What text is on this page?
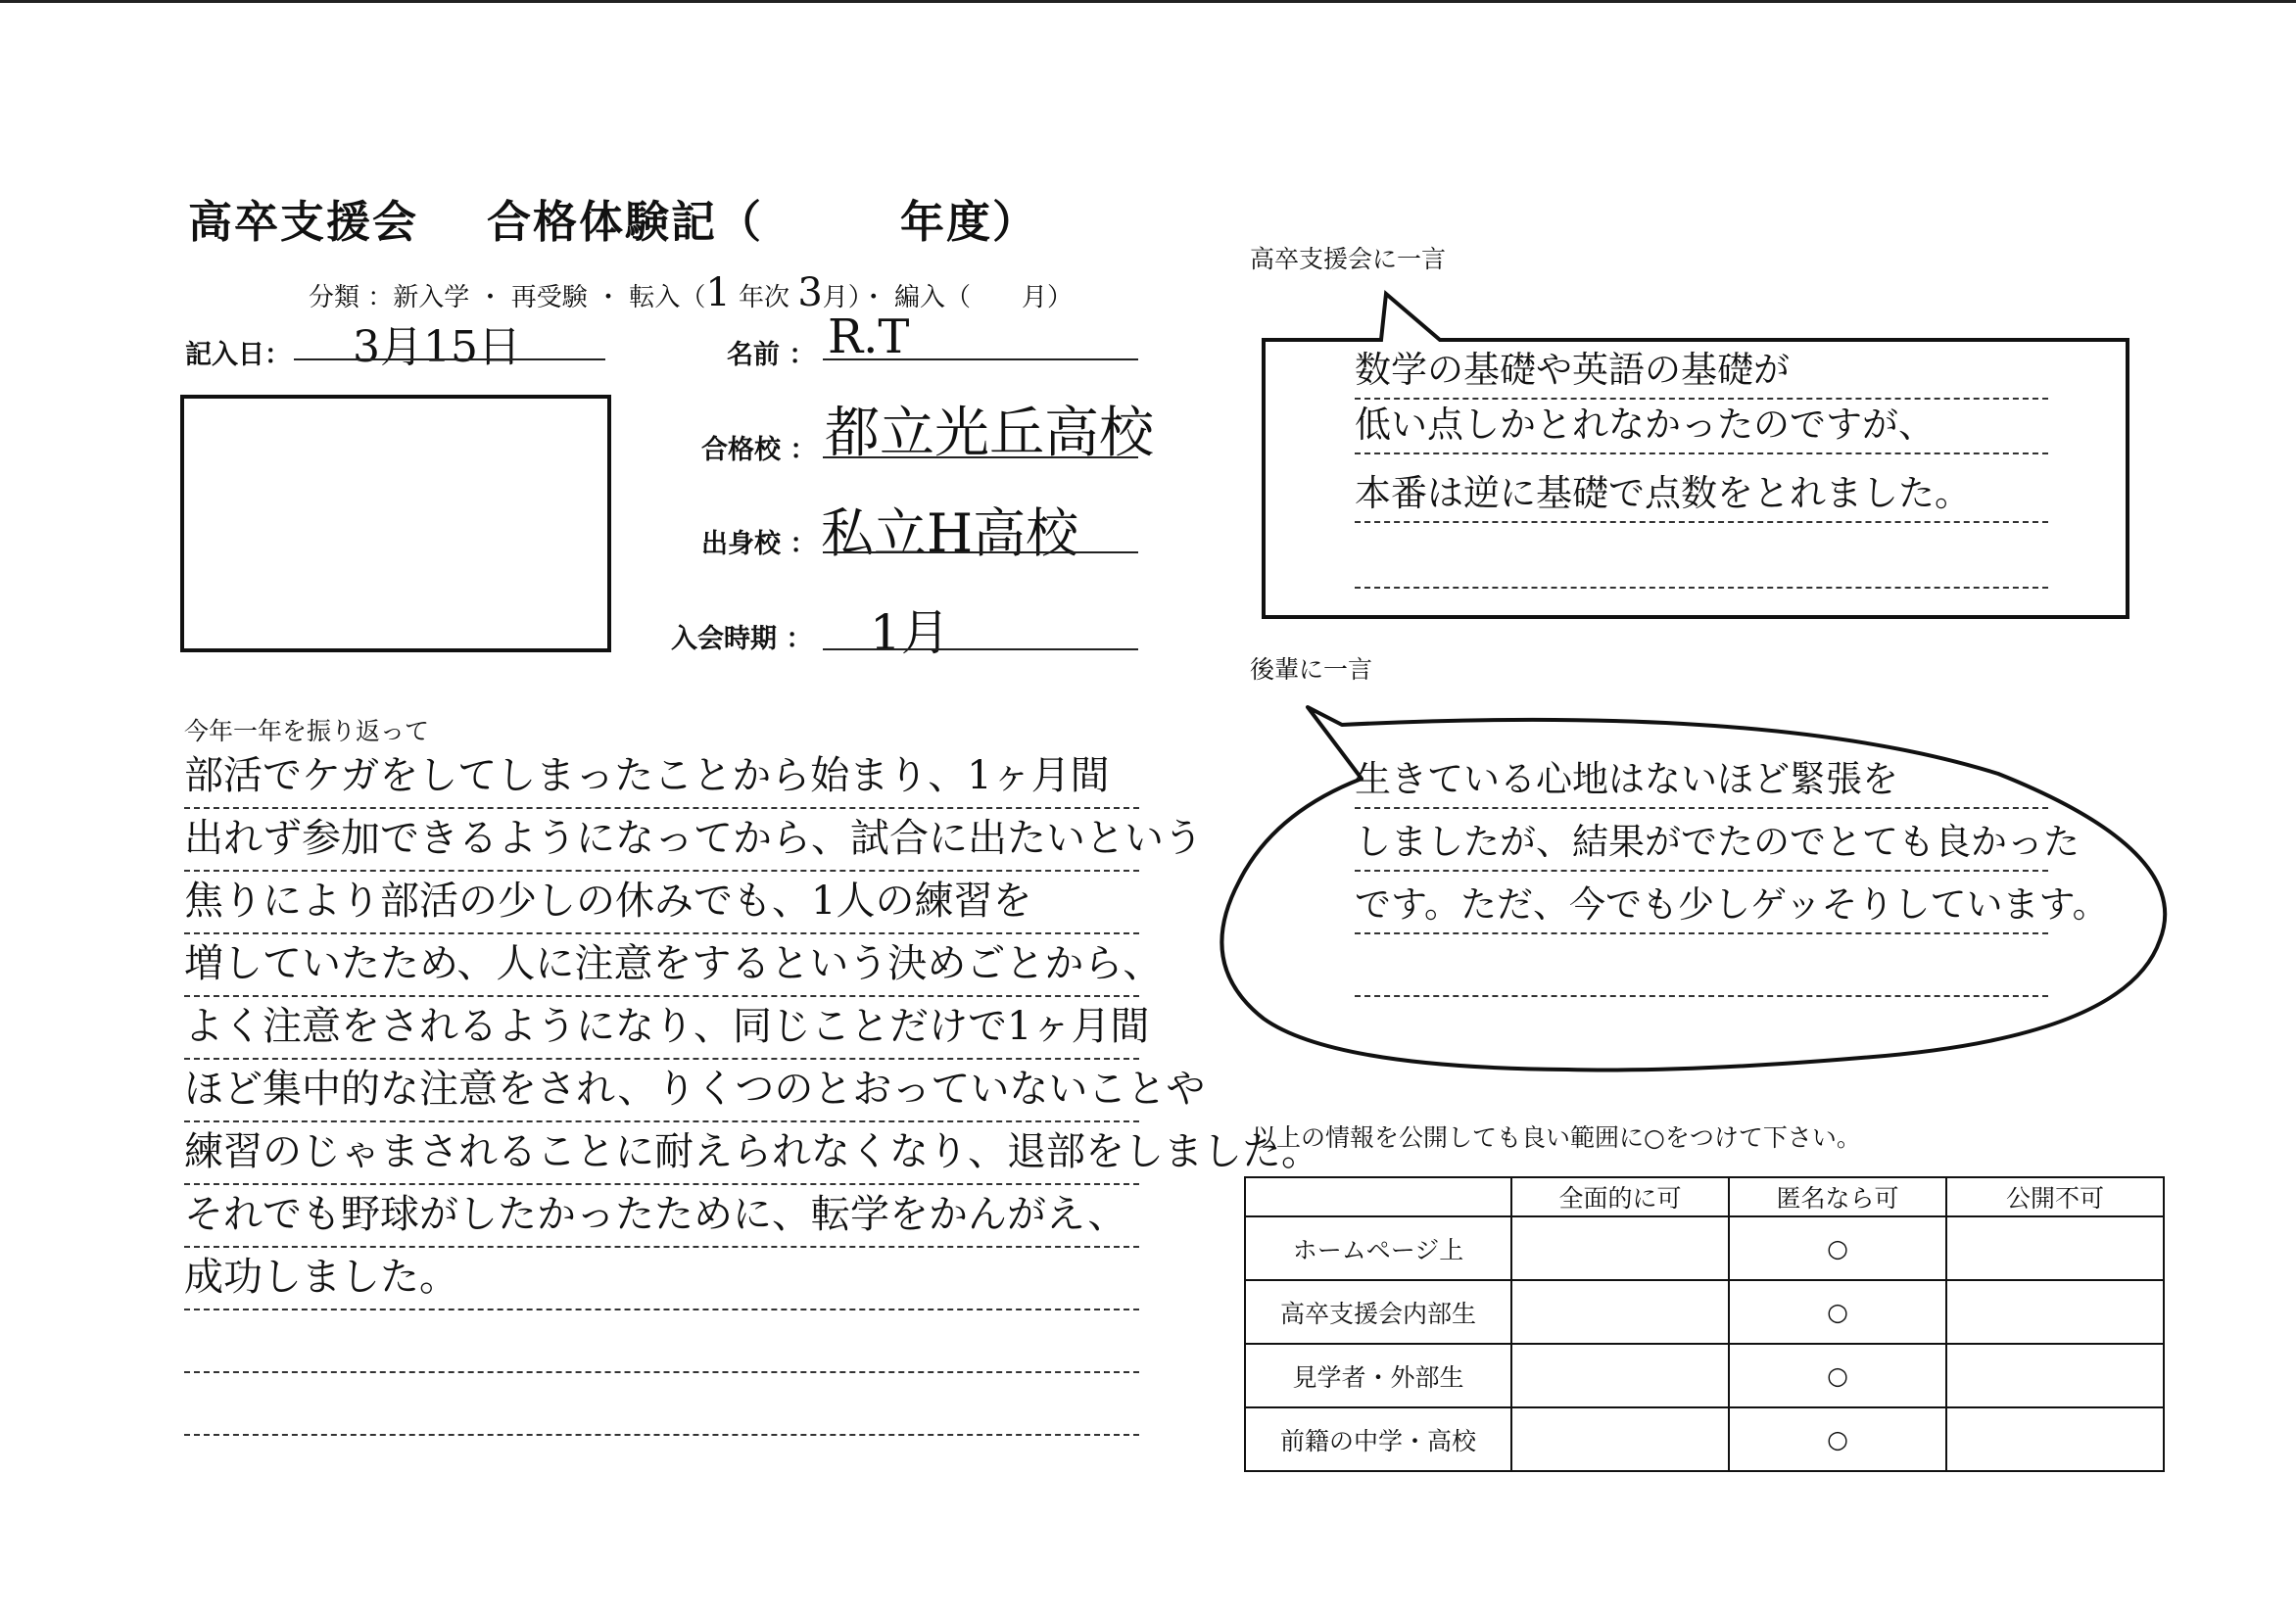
高卒支援会 合格体験記（	年度）
分類 ：新入学 ・ 再受験 ・ 転入（1 年次 3月）・ 編入（　　月）
記入日： 3月15日	名前 ： R.T
合格校 ： 都立光丘高校
出身校 ： 私立H高校
入会時期 ： 1月
今年一年を振り返って
部活でケガをしてしまったことから始まり、1ヶ月間
出れず参加できるようになってから、試合に出たいという
焦りにより部活の少しの休みでも、1人の練習を
増していたため、人に注意をするという決めごとから、
よく注意をされるようになり、同じことだけで1ヶ月間
ほど集中的な注意をされ、りくつのとおっていないことや
練習のじゃまされることに耐えられなくなり、退部をしました。
それでも野球がしたかったために、転学をかんがえ、
成功しました。
高卒支援会に一言
数学の基礎や英語の基礎が
低い点しかとれなかったのですが、
本番は逆に基礎で点数をとれました。
後輩に一言
生きている心地はないほど緊張を
しましたが、結果がでたのでとても良かった
です。ただ、今でも少しゲッそりしています。
以上の情報を公開しても良い範囲に○をつけて下さい。
	全面的に可	匿名なら可	公開不可
ホームページ上		○	
高卒支援会内部生		○	
見学者・外部生		○	
前籍の中学・高校		○	
